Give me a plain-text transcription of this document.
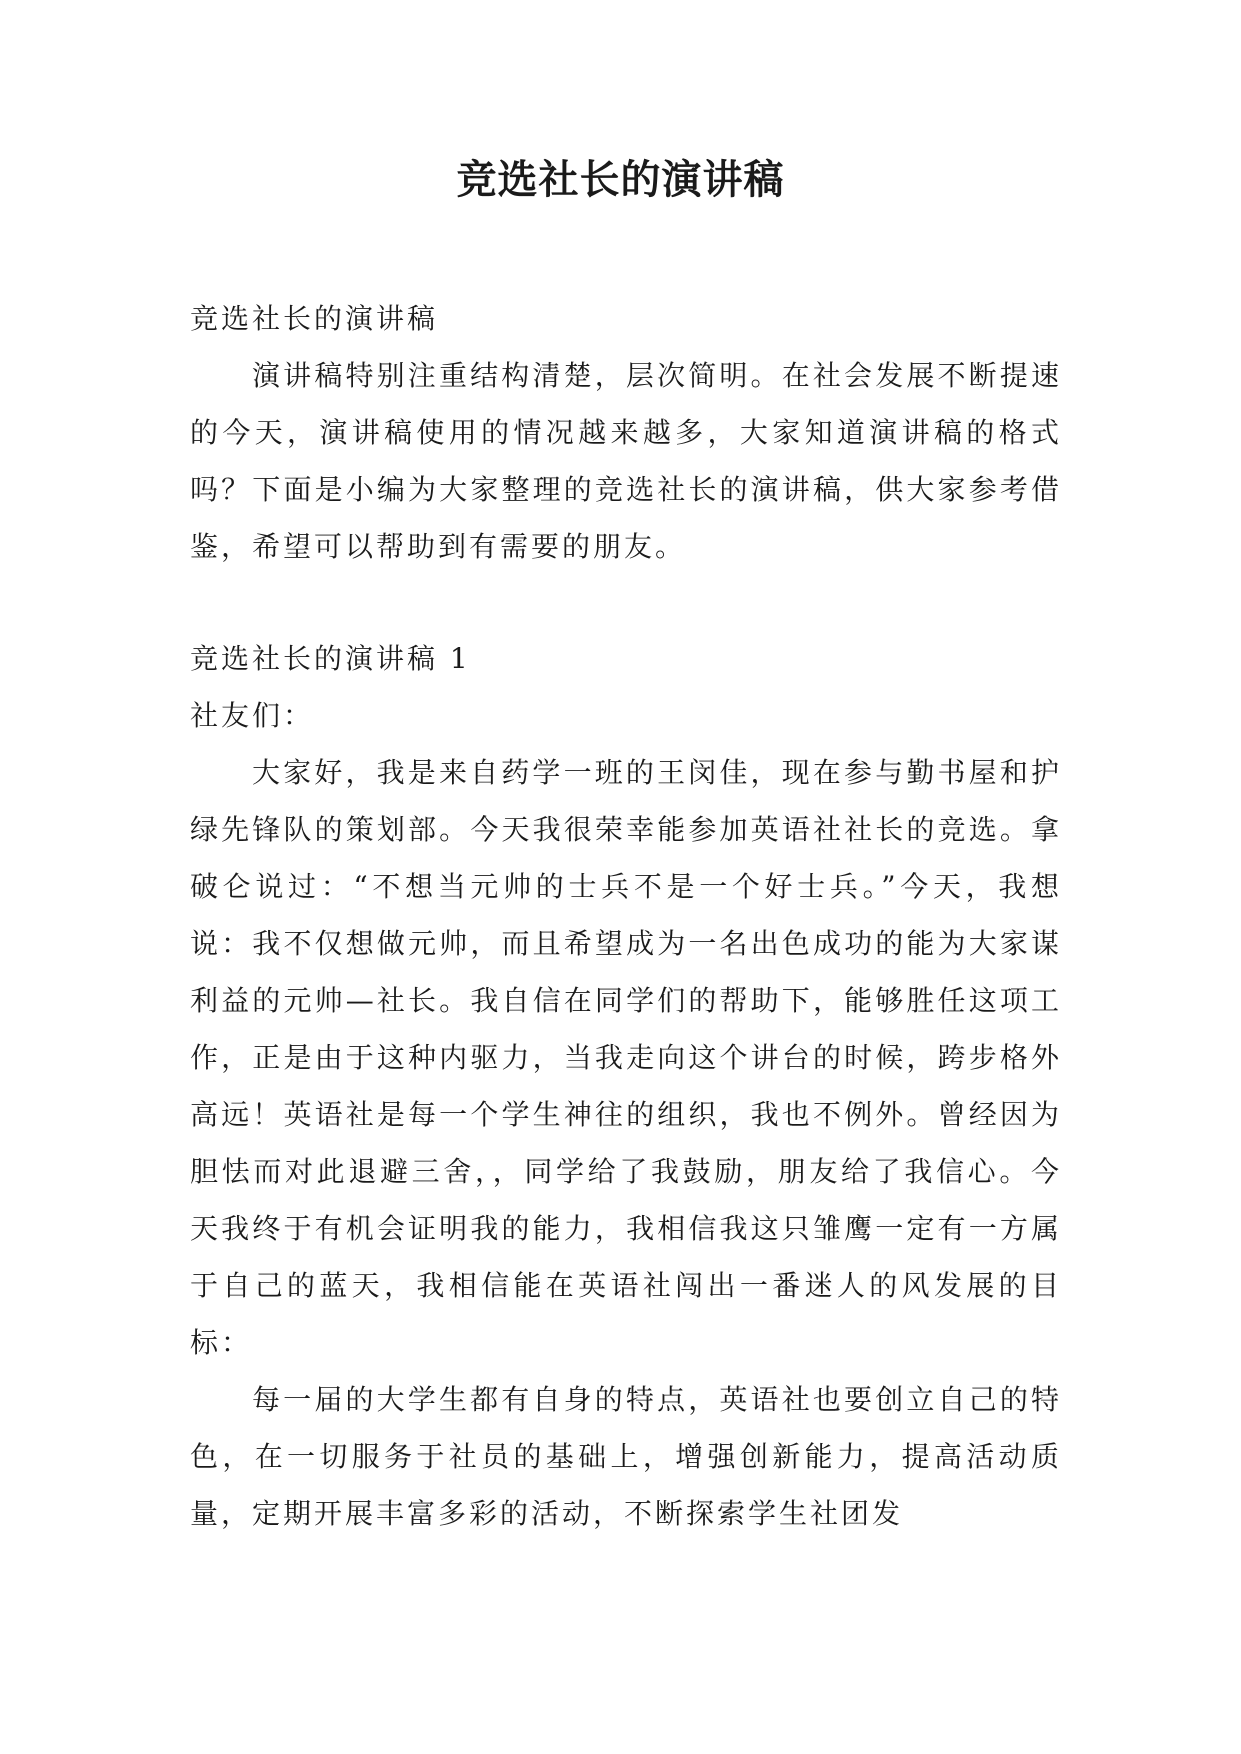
竞选社长的演讲稿

竞选社长的演讲稿

演讲稿特别注重结构清楚，层次简明。在社会发展不断提速的今天，演讲稿使用的情况越来越多，大家知道演讲稿的格式吗？下面是小编为大家整理的竞选社长的演讲稿，供大家参考借鉴，希望可以帮助到有需要的朋友。

竞选社长的演讲稿 1

社友们：

大家好，我是来自药学一班的王闵佳，现在参与勤书屋和护绿先锋队的策划部。今天我很荣幸能参加英语社社长的竞选。拿破仑说过：“不想当元帅的士兵不是一个好士兵。”今天，我想说：我不仅想做元帅，而且希望成为一名出色成功的能为大家谋利益的元帅—社长。我自信在同学们的帮助下，能够胜任这项工作，正是由于这种内驱力，当我走向这个讲台的时候，跨步格外高远！英语社是每一个学生神往的组织，我也不例外。曾经因为胆怯而对此退避三舍，，同学给了我鼓励，朋友给了我信心。今天我终于有机会证明我的能力，我相信我这只雏鹰一定有一方属于自己的蓝天，我相信能在英语社闯出一番迷人的风发展的目标：

每一届的大学生都有自身的特点，英语社也要创立自己的特色，在一切服务于社员的基础上，增强创新能力，提高活动质量，定期开展丰富多彩的活动，不断探索学生社团发
